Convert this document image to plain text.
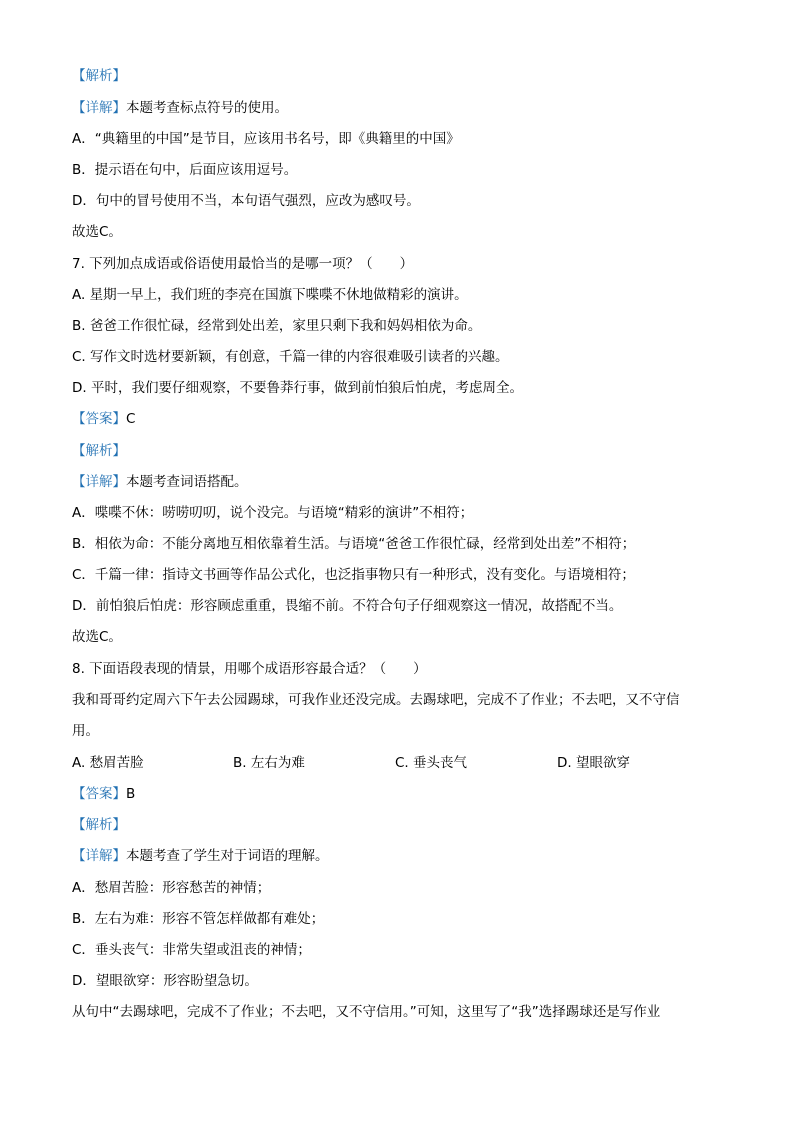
【解析】
【详解】本题考查标点符号的使用。
A．“典籍里的中国”是节目，应该用书名号，即《典籍里的中国》
B．提示语在句中，后面应该用逗号。
D．句中的冒号使用不当，本句语气强烈，应改为感叹号。
故选C。
7. 下列加点成语或俗语使用最恰当的是哪一项？（　　）
A. 星期一早上，我们班的李亮在国旗下喋喋不休地做精彩的演讲。
B. 爸爸工作很忙碌，经常到处出差，家里只剩下我和妈妈相依为命。
C. 写作文时选材要新颖，有创意，千篇一律的内容很难吸引读者的兴趣。
D. 平时，我们要仔细观察，不要鲁莽行事，做到前怕狼后怕虎，考虑周全。
【答案】C
【解析】
【详解】本题考查词语搭配。
A．喋喋不休：唠唠叨叨，说个没完。与语境“精彩的演讲”不相符；
B．相依为命：不能分离地互相依靠着生活。与语境“爸爸工作很忙碌，经常到处出差”不相符；
C．千篇一律：指诗文书画等作品公式化，也泛指事物只有一种形式，没有变化。与语境相符；
D．前怕狼后怕虎：形容顾虑重重，畏缩不前。不符合句子仔细观察这一情况，故搭配不当。
故选C。
8. 下面语段表现的情景，用哪个成语形容最合适？（　　）
我和哥哥约定周六下午去公园踢球，可我作业还没完成。去踢球吧，完成不了作业；不去吧，又不守信
用。
A. 愁眉苦脸	B. 左右为难	C. 垂头丧气	D. 望眼欲穿
【答案】B
【解析】
【详解】本题考查了学生对于词语的理解。
A．愁眉苦脸：形容愁苦的神情；
B．左右为难：形容不管怎样做都有难处；
C．垂头丧气：非常失望或沮丧的神情；
D．望眼欲穿：形容盼望急切。
从句中“去踢球吧，完成不了作业；不去吧，又不守信用。”可知，这里写了“我”选择踢球还是写作业
